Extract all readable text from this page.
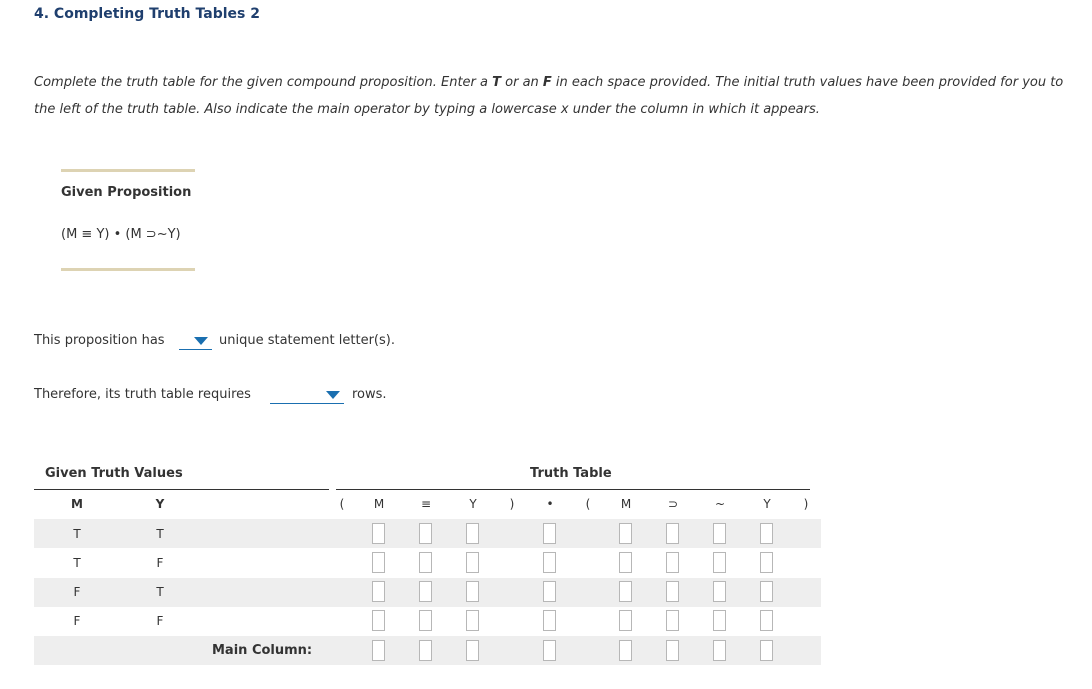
4. Completing Truth Tables 2
Complete the truth table for the given compound proposition. Enter a T or an F in each space provided. The initial truth values have been provided for you to the left of the truth table. Also indicate the main operator by typing a lowercase x under the column in which it appears.
Given Proposition
(M ≡ Y) • (M ⊃~Y)
This proposition has	unique statement letter(s).
Therefore, its truth table requires	rows.
Given Truth Values	Truth Table
M	Y
T	T
T	F
F	T
F	F
(	M	≡	Y	)	•	(	M	⊃	~	Y	)
Main Column:
